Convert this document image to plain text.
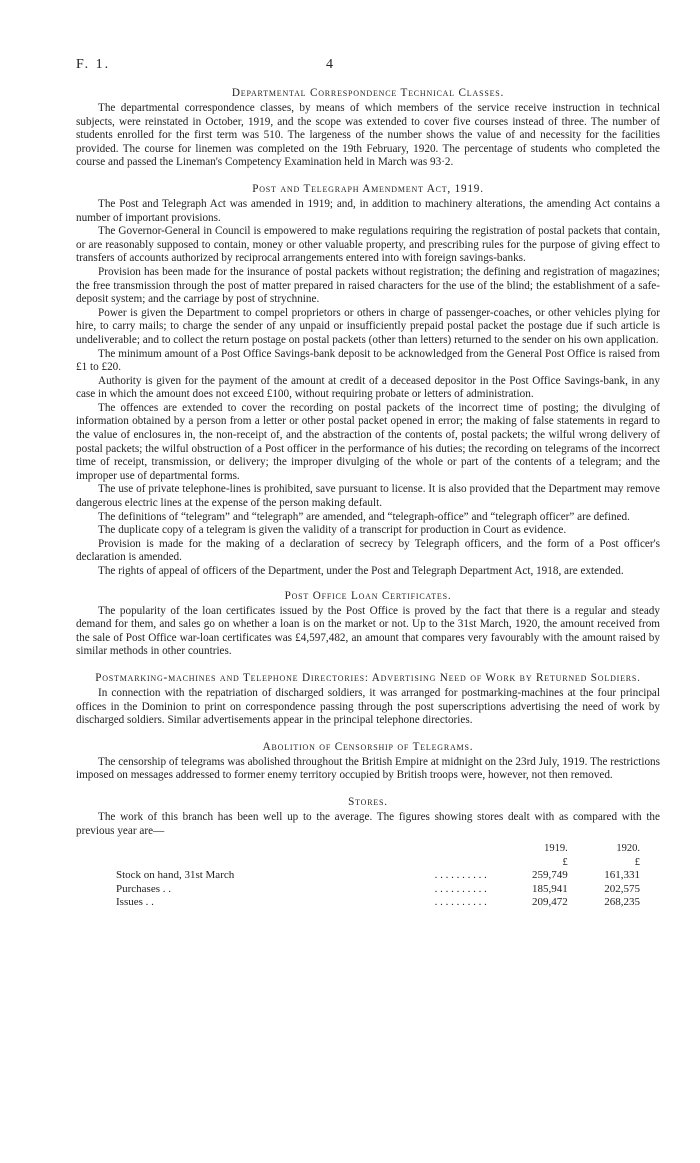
F. 1.	4
Departmental Correspondence Technical Classes.

The departmental correspondence classes, by means of which members of the service receive instruction in technical subjects, were reinstated in October, 1919, and the scope was extended to cover five courses instead of three. The number of students enrolled for the first term was 510. The largeness of the number shows the value of and necessity for the facilities provided. The course for linemen was completed on the 19th February, 1920. The percentage of students who completed the course and passed the Lineman's Competency Examination held in March was 93·2.

Post and Telegraph Amendment Act, 1919.

The Post and Telegraph Act was amended in 1919; and, in addition to machinery alterations, the amending Act contains a number of important provisions.

The Governor-General in Council is empowered to make regulations requiring the registration of postal packets that contain, or are reasonably supposed to contain, money or other valuable property, and prescribing rules for the purpose of giving effect to transfers of accounts authorized by reciprocal arrangements entered into with foreign savings-banks.

Provision has been made for the insurance of postal packets without registration; the defining and registration of magazines; the free transmission through the post of matter prepared in raised characters for the use of the blind; the establishment of a safe-deposit system; and the carriage by post of strychnine.

Power is given the Department to compel proprietors or others in charge of passenger-coaches, or other vehicles plying for hire, to carry mails; to charge the sender of any unpaid or insufficiently prepaid postal packet the postage due if such article is undeliverable; and to collect the return postage on postal packets (other than letters) returned to the sender on his own application.

The minimum amount of a Post Office Savings-bank deposit to be acknowledged from the General Post Office is raised from £1 to £20.

Authority is given for the payment of the amount at credit of a deceased depositor in the Post Office Savings-bank, in any case in which the amount does not exceed £100, without requiring probate or letters of administration.

The offences are extended to cover the recording on postal packets of the incorrect time of posting; the divulging of information obtained by a person from a letter or other postal packet opened in error; the making of false statements in regard to the value of enclosures in, the non-receipt of, and the abstraction of the contents of, postal packets; the wilful wrong delivery of postal packets; the wilful obstruction of a Post officer in the performance of his duties; the recording on telegrams of the incorrect time of receipt, transmission, or delivery; the improper divulging of the whole or part of the contents of a telegram; and the improper use of departmental forms.

The use of private telephone-lines is prohibited, save pursuant to license. It is also provided that the Department may remove dangerous electric lines at the expense of the person making default.

The definitions of “telegram” and “telegraph” are amended, and “telegraph-office” and “telegraph officer” are defined.

The duplicate copy of a telegram is given the validity of a transcript for production in Court as evidence.

Provision is made for the making of a declaration of secrecy by Telegraph officers, and the form of a Post officer's declaration is amended.

The rights of appeal of officers of the Department, under the Post and Telegraph Department Act, 1918, are extended.

Post Office Loan Certificates.

The popularity of the loan certificates issued by the Post Office is proved by the fact that there is a regular and steady demand for them, and sales go on whether a loan is on the market or not. Up to the 31st March, 1920, the amount received from the sale of Post Office war-loan certificates was £4,597,482, an amount that compares very favourably with the amount raised by similar methods in other countries.

Postmarking-machines and Telephone Directories: Advertising Need of Work by Returned Soldiers.

In connection with the repatriation of discharged soldiers, it was arranged for postmarking-machines at the four principal offices in the Dominion to print on correspondence passing through the post superscriptions advertising the need of work by discharged soldiers. Similar advertisements appear in the principal telephone directories.

Abolition of Censorship of Telegrams.

The censorship of telegrams was abolished throughout the British Empire at midnight on the 23rd July, 1919. The restrictions imposed on messages addressed to former enemy territory occupied by British troops were, however, not then removed.

Stores.

The work of this branch has been well up to the average. The figures showing stores dealt with as compared with the previous year are—

		1919.	1920.
		£	£
Stock on hand, 31st March	. . . . . . . . . .	259,749	161,331
Purchases . .	. . . . . . . . . .	185,941	202,575
Issues . .	. . . . . . . . . .	209,472	268,235
